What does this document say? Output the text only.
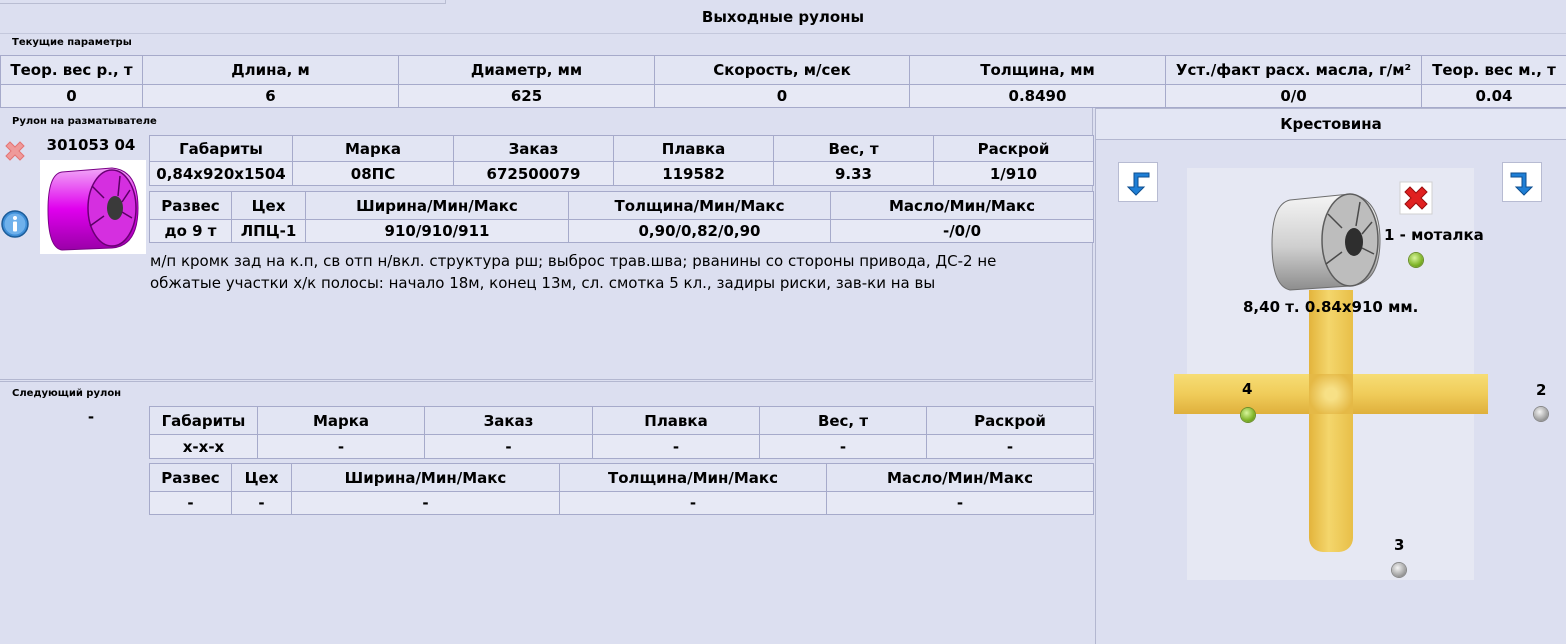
Выходные рулоны
Текущие параметры
Теор. вес р., т	Длина, м	Диаметр, мм	Скорость, м/сек	Толщина, мм	Уст./факт расх. масла, г/м²	Теор. вес м., т
0	6	625	0	0.8490	0/0	0.04
Рулон на разматывателе
301053 04	Габариты	Марка	Заказ	Плавка	Вес, т	Раскрой
0,84x920x1504	08ПС	672500079	119582	9.33	1/910
Развес	Цех	Ширина/Мин/Макс	Толщина/Мин/Макс	Масло/Мин/Макс
до 9 т	ЛПЦ-1	910/910/911	0,90/0,82/0,90	-/0/0
м/п кромк зад на к.п, св отп н/вкл. структура рш; выброс трав.шва; рванины со стороны привода, ДС-2 не
обжатые участки х/к полосы: начало 18м, конец 13м, сл. смотка 5 кл., задиры риски, зав-ки на вы
Следующий рулон
-	Габариты	Марка	Заказ	Плавка	Вес, т	Раскрой
x-x-x	-	-	-	-	-
Развес	Цех	Ширина/Мин/Макс	Толщина/Мин/Макс	Масло/Мин/Макс
-	-	-	-	-
Крестовина
1 - моталка
8,40 т. 0.84x910 мм.
4	2
3
